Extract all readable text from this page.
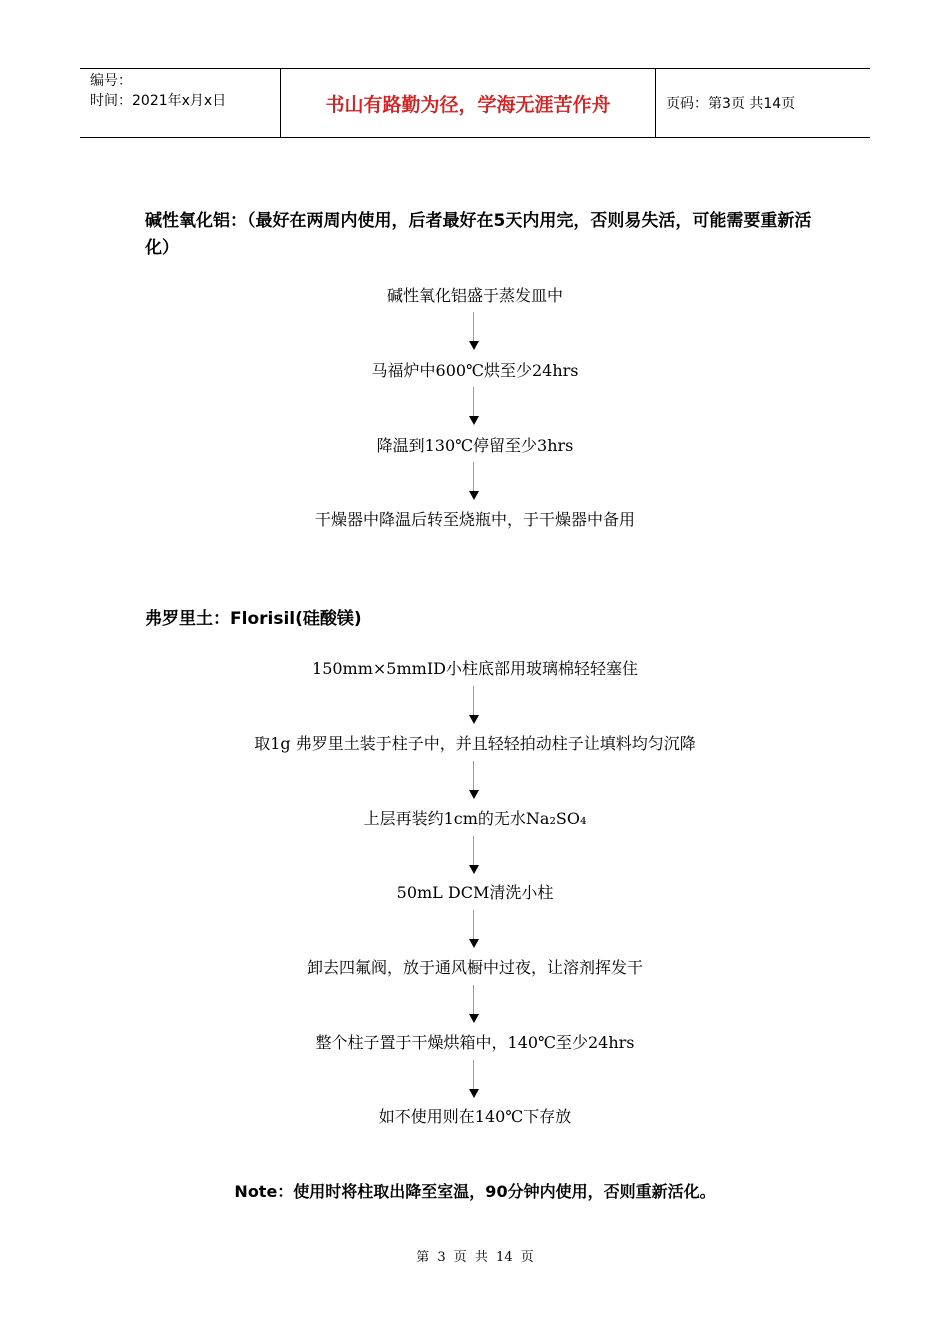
编号：
时间：2021年x月x日	书山有路勤为径，学海无涯苦作舟	页码：第3页 共14页
碱性氧化铝：（最好在两周内使用，后者最好在5天内用完，否则易失活，可能需要重新活化）
碱性氧化铝盛于蒸发皿中
马福炉中600℃烘至少24hrs
降温到130℃停留至少3hrs
干燥器中降温后转至烧瓶中，于干燥器中备用
弗罗里土：Florisil(硅酸镁)
150mm×5mmID小柱底部用玻璃棉轻轻塞住
取1g 弗罗里土装于柱子中，并且轻轻拍动柱子让填料均匀沉降
上层再装约1cm的无水Na₂SO₄
50mL DCM清洗小柱
卸去四氟阀，放于通风橱中过夜，让溶剂挥发干
整个柱子置于干燥烘箱中，140℃至少24hrs
如不使用则在140℃下存放
Note：使用时将柱取出降至室温，90分钟内使用，否则重新活化。
第 3 页 共 14 页
